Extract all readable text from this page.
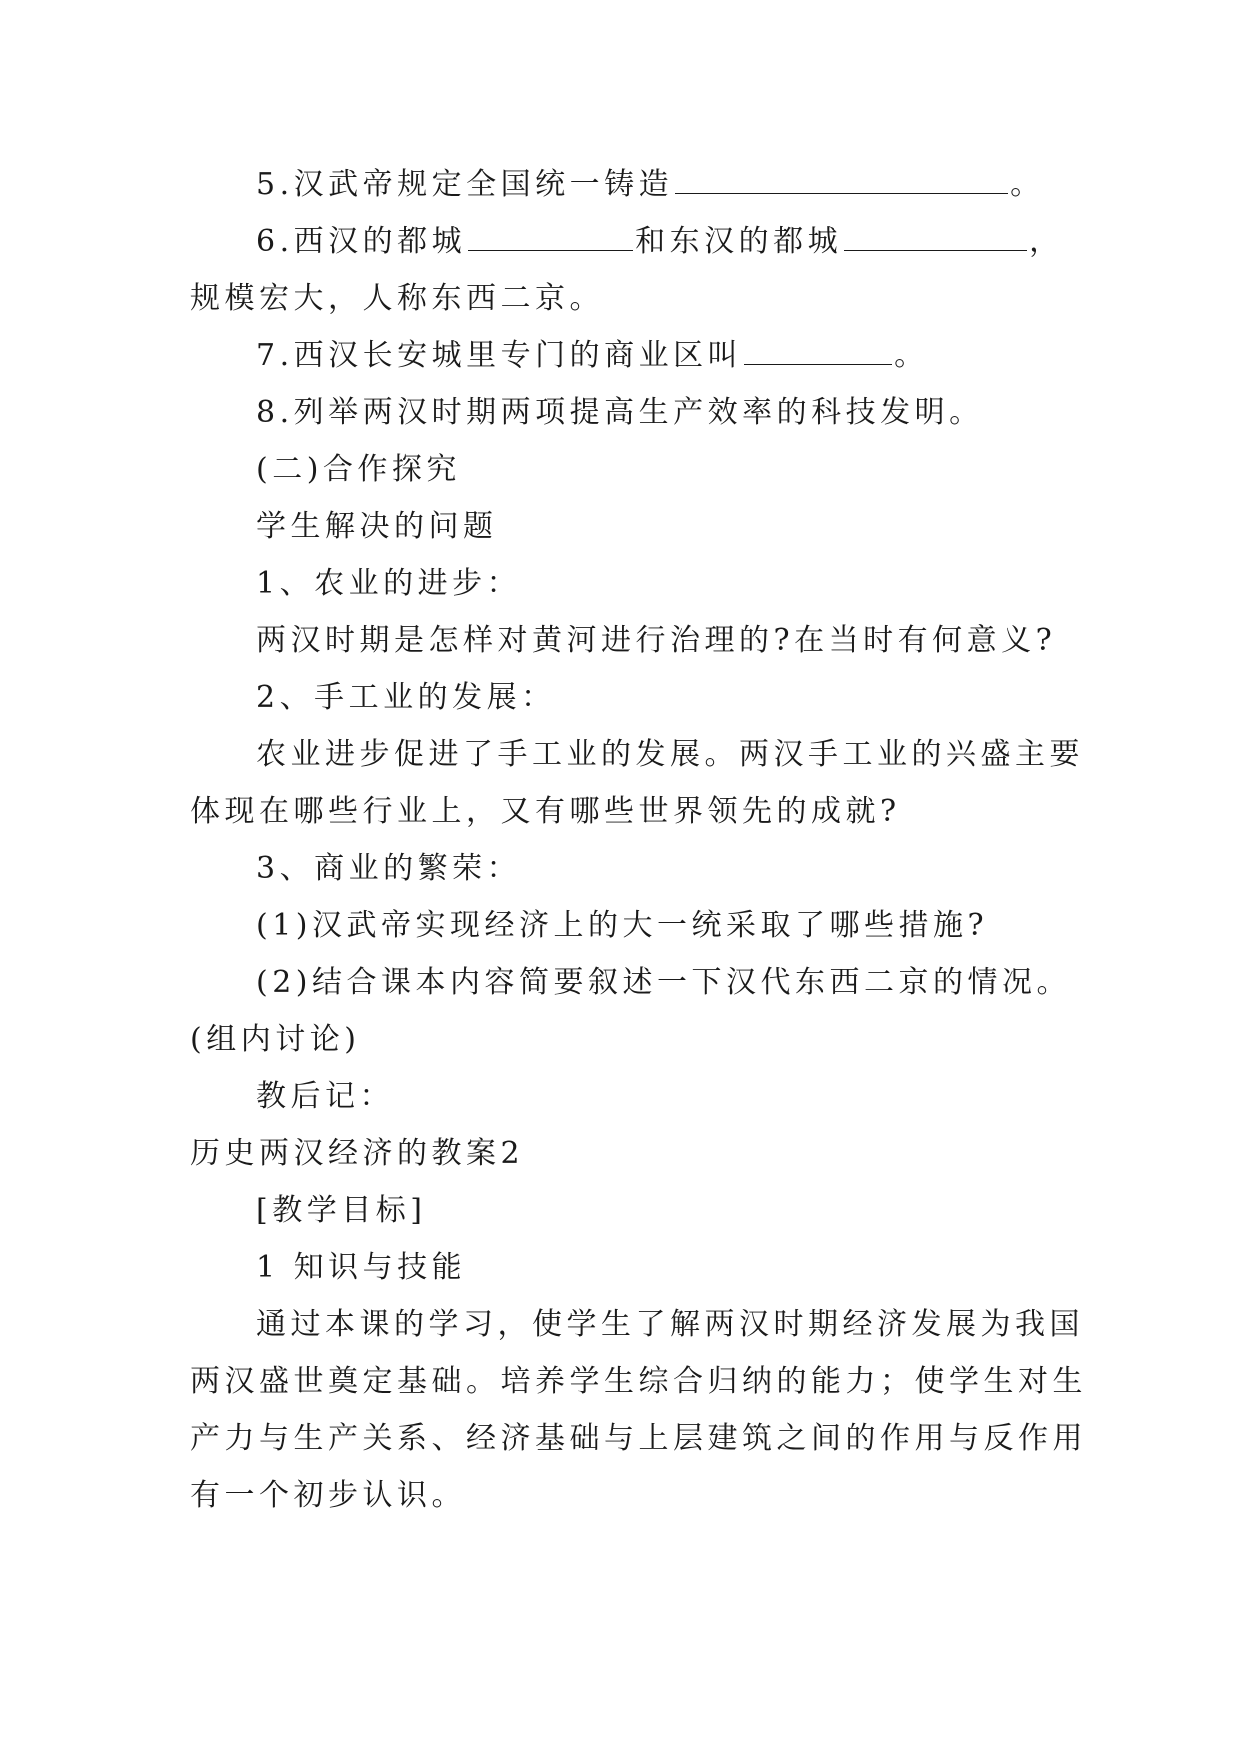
5.汉武帝规定全国统一铸造	。
6.西汉的都城	和东汉的都城	，
规模宏大，人称东西二京。
7.西汉长安城里专门的商业区叫	。
8.列举两汉时期两项提高生产效率的科技发明。
(二)合作探究
学生解决的问题
1、农业的进步：
两汉时期是怎样对黄河进行治理的?在当时有何意义?
2、手工业的发展：
农业进步促进了手工业的发展。两汉手工业的兴盛主要
体现在哪些行业上，又有哪些世界领先的成就?
3、商业的繁荣：
(1)汉武帝实现经济上的大一统采取了哪些措施?
(2)结合课本内容简要叙述一下汉代东西二京的情况。
(组内讨论)
教后记：
历史两汉经济的教案2
[教学目标]
1 知识与技能
通过本课的学习，使学生了解两汉时期经济发展为我国
两汉盛世奠定基础。培养学生综合归纳的能力；使学生对生
产力与生产关系、经济基础与上层建筑之间的作用与反作用
有一个初步认识。
